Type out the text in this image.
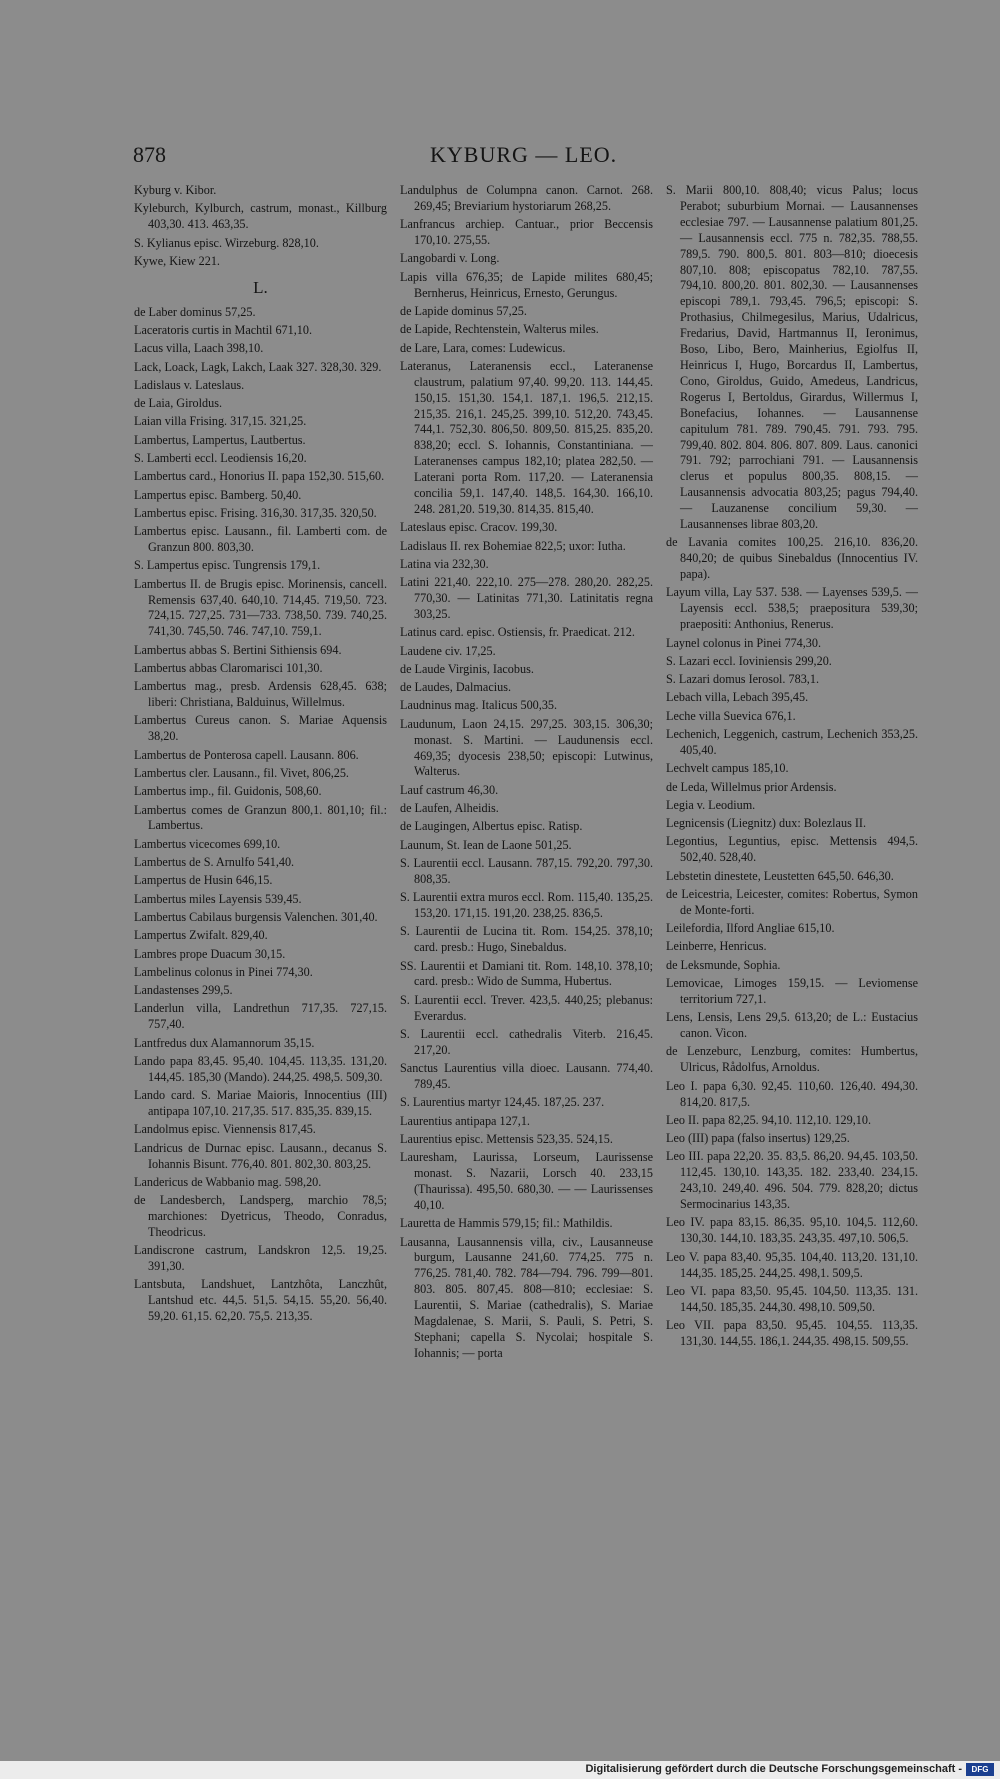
878	KYBURG — LEO.
Kyburg v. Kibor.
Kyleburch, Kylburch, castrum, monast., Killburg 403,30. 413. 463,35.
S. Kylianus episc. Wirzeburg. 828,10.
Kywe, Kiew 221.
L.
de Laber dominus 57,25.
Laceratoris curtis in Machtil 671,10.
Lacus villa, Laach 398,10.
Lack, Loack, Lagk, Lakch, Laak 327. 328,30. 329.
Ladislaus v. Lateslaus.
de Laia, Giroldus.
Laian villa Frising. 317,15. 321,25.
Lambertus, Lampertus, Lautbertus.
S. Lamberti eccl. Leodiensis 16,20.
Lambertus card., Honorius II. papa 152,30. 515,60.
Lampertus episc. Bamberg. 50,40.
Lambertus episc. Frising. 316,30. 317,35. 320,50.
Lambertus episc. Lausann., fil. Lamberti com. de Granzun 800. 803,30.
S. Lampertus episc. Tungrensis 179,1.
Lambertus II. de Brugis episc. Morinensis, cancell. Remensis 637,40. 640,10. 714,45. 719,50. 723. 724,15. 727,25. 731—733. 738,50. 739. 740,25. 741,30. 745,50. 746. 747,10. 759,1.
Lambertus abbas S. Bertini Sithiensis 694.
Lambertus abbas Claromarisci 101,30.
Lambertus mag., presb. Ardensis 628,45. 638; liberi: Christiana, Balduinus, Willelmus.
Lambertus Cureus canon. S. Mariae Aquensis 38,20.
Lambertus de Ponterosa capell. Lausann. 806.
Lambertus cler. Lausann., fil. Vivet, 806,25.
Lambertus imp., fil. Guidonis, 508,60.
Lambertus comes de Granzun 800,1. 801,10; fil.: Lambertus.
Lambertus vicecomes 699,10.
Lambertus de S. Arnulfo 541,40.
Lampertus de Husin 646,15.
Lambertus miles Layensis 539,45.
Lambertus Cabilaus burgensis Valenchen. 301,40.
Lampertus Zwifalt. 829,40.
Lambres prope Duacum 30,15.
Lambelinus colonus in Pinei 774,30.
Landastenses 299,5.
Landerlun villa, Landrethun 717,35. 727,15. 757,40.
Lantfredus dux Alamannorum 35,15.
Lando papa 83,45. 95,40. 104,45. 113,35. 131,20. 144,45. 185,30 (Mando). 244,25. 498,5. 509,30.
Lando card. S. Mariae Maioris, Innocentius (III) antipapa 107,10. 217,35. 517. 835,35. 839,15.
Landolmus episc. Viennensis 817,45.
Landricus de Durnac episc. Lausann., decanus S. Iohannis Bisunt. 776,40. 801. 802,30. 803,25.
Landericus de Wabbanio mag. 598,20.
de Landesberch, Landsperg, marchio 78,5; marchiones: Dyetricus, Theodo, Conradus, Theodricus.
Landiscrone castrum, Landskron 12,5. 19,25. 391,30.
Lantsbuta, Landshuet, Lantzhôta, Lanczhût, Lantshud etc. 44,5. 51,5. 54,15. 55,20. 56,40. 59,20. 61,15. 62,20. 75,5. 213,35.
Landulphus de Columpna canon. Carnot. 268. 269,45; Breviarium hystoriarum 268,25.
Lanfrancus archiep. Cantuar., prior Beccensis 170,10. 275,55.
Langobardi v. Long.
Lapis villa 676,35; de Lapide milites 680,45; Bernherus, Heinricus, Ernesto, Gerungus.
de Lapide dominus 57,25.
de Lapide, Rechtenstein, Walterus miles.
de Lare, Lara, comes: Ludewicus.
Lateranus, Lateranensis eccl., Lateranense claustrum, palatium 97,40. 99,20. 113. 144,45. 150,15. 151,30. 154,1. 187,1. 196,5. 212,15. 215,35. 216,1. 245,25. 399,10. 512,20. 743,45. 744,1. 752,30. 806,50. 809,50. 815,25. 835,20. 838,20; eccl. S. Iohannis, Constantiniana. — Lateranenses campus 182,10; platea 282,50. — Laterani porta Rom. 117,20. — Lateranensia concilia 59,1. 147,40. 148,5. 164,30. 166,10. 248. 281,20. 519,30. 814,35. 815,40.
Lateslaus episc. Cracov. 199,30.
Ladislaus II. rex Bohemiae 822,5; uxor: Iutha.
Latina via 232,30.
Latini 221,40. 222,10. 275—278. 280,20. 282,25. 770,30. — Latinitas 771,30. Latinitatis regna 303,25.
Latinus card. episc. Ostiensis, fr. Praedicat. 212.
Laudene civ. 17,25.
de Laude Virginis, Iacobus.
de Laudes, Dalmacius.
Laudninus mag. Italicus 500,35.
Laudunum, Laon 24,15. 297,25. 303,15. 306,30; monast. S. Martini. — Laudunensis eccl. 469,35; dyocesis 238,50; episcopi: Lutwinus, Walterus.
Lauf castrum 46,30.
de Laufen, Alheidis.
de Laugingen, Albertus episc. Ratisp.
Launum, St. Iean de Laone 501,25.
S. Laurentii eccl. Lausann. 787,15. 792,20. 797,30. 808,35.
S. Laurentii extra muros eccl. Rom. 115,40. 135,25. 153,20. 171,15. 191,20. 238,25. 836,5.
S. Laurentii de Lucina tit. Rom. 154,25. 378,10; card. presb.: Hugo, Sinebaldus.
SS. Laurentii et Damiani tit. Rom. 148,10. 378,10; card. presb.: Wido de Summa, Hubertus.
S. Laurentii eccl. Trever. 423,5. 440,25; plebanus: Everardus.
S. Laurentii eccl. cathedralis Viterb. 216,45. 217,20.
Sanctus Laurentius villa dioec. Lausann. 774,40. 789,45.
S. Laurentius martyr 124,45. 187,25. 237.
Laurentius antipapa 127,1.
Laurentius episc. Mettensis 523,35. 524,15.
Lauresham, Laurissa, Lorseum, Laurissense monast. S. Nazarii, Lorsch 40. 233,15 (Thaurissa). 495,50. 680,30. — — Laurissenses 40,10.
Lauretta de Hammis 579,15; fil.: Mathildis.
Lausanna, Lausannensis villa, civ., Lausanneuse burgum, Lausanne 241,60. 774,25. 775 n. 776,25. 781,40. 782. 784—794. 796. 799—801. 803. 805. 807,45. 808—810; ecclesiae: S. Laurentii, S. Mariae (cathedralis), S. Mariae Magdalenae, S. Marii, S. Pauli, S. Petri, S. Stephani; capella S. Nycolai; hospitale S. Iohannis; — porta
S. Marii 800,10. 808,40; vicus Palus; locus Perabot; suburbium Mornai. — Lausannenses ecclesiae 797. — Lausannense palatium 801,25. — Lausannensis eccl. 775 n. 782,35. 788,55. 789,5. 790. 800,5. 801. 803—810; dioecesis 807,10. 808; episcopatus 782,10. 787,55. 794,10. 800,20. 801. 802,30. — Lausannenses episcopi 789,1. 793,45. 796,5; episcopi: S. Prothasius, Chilmegesilus, Marius, Udalricus, Fredarius, David, Hartmannus II, Ieronimus, Boso, Libo, Bero, Mainherius, Egiolfus II, Heinricus I, Hugo, Borcardus II, Lambertus, Cono, Giroldus, Guido, Amedeus, Landricus, Rogerus I, Bertoldus, Girardus, Willermus I, Bonefacius, Iohannes. — Lausannense capitulum 781. 789. 790,45. 791. 793. 795. 799,40. 802. 804. 806. 807. 809. Laus. canonici 791. 792; parrochiani 791. — Lausannensis clerus et populus 800,35. 808,15. — Lausannensis advocatia 803,25; pagus 794,40. — Lauzanense concilium 59,30. — Lausannenses librae 803,20.
de Lavania comites 100,25. 216,10. 836,20. 840,20; de quibus Sinebaldus (Innocentius IV. papa).
Layum villa, Lay 537. 538. — Layenses 539,5. — Layensis eccl. 538,5; praepositura 539,30; praepositi: Anthonius, Renerus.
Laynel colonus in Pinei 774,30.
S. Lazari eccl. Ioviniensis 299,20.
S. Lazari domus Ierosol. 783,1.
Lebach villa, Lebach 395,45.
Leche villa Suevica 676,1.
Lechenich, Leggenich, castrum, Lechenich 353,25. 405,40.
Lechvelt campus 185,10.
de Leda, Willelmus prior Ardensis.
Legia v. Leodium.
Legnicensis (Liegnitz) dux: Bolezlaus II.
Legontius, Leguntius, episc. Mettensis 494,5. 502,40. 528,40.
Lebstetin dinestete, Leustetten 645,50. 646,30.
de Leicestria, Leicester, comites: Robertus, Symon de Monte-forti.
Leilefordia, Ilford Angliae 615,10.
Leinberre, Henricus.
de Leksmunde, Sophia.
Lemovicae, Limoges 159,15. — Leviomense territorium 727,1.
Lens, Lensis, Lens 29,5. 613,20; de L.: Eustacius canon. Vicon.
de Lenzeburc, Lenzburg, comites: Humbertus, Ulricus, Rådolfus, Arnoldus.
Leo I. papa 6,30. 92,45. 110,60. 126,40. 494,30. 814,20. 817,5.
Leo II. papa 82,25. 94,10. 112,10. 129,10.
Leo (III) papa (falso insertus) 129,25.
Leo III. papa 22,20. 35. 83,5. 86,20. 94,45. 103,50. 112,45. 130,10. 143,35. 182. 233,40. 234,15. 243,10. 249,40. 496. 504. 779. 828,20; dictus Sermocinarius 143,35.
Leo IV. papa 83,15. 86,35. 95,10. 104,5. 112,60. 130,30. 144,10. 183,35. 243,35. 497,10. 506,5.
Leo V. papa 83,40. 95,35. 104,40. 113,20. 131,10. 144,35. 185,25. 244,25. 498,1. 509,5.
Leo VI. papa 83,50. 95,45. 104,50. 113,35. 131. 144,50. 185,35. 244,30. 498,10. 509,50.
Leo VII. papa 83,50. 95,45. 104,55. 113,35. 131,30. 144,55. 186,1. 244,35. 498,15. 509,55.
Digitalisierung gefördert durch die Deutsche Forschungsgemeinschaft -	DFG
